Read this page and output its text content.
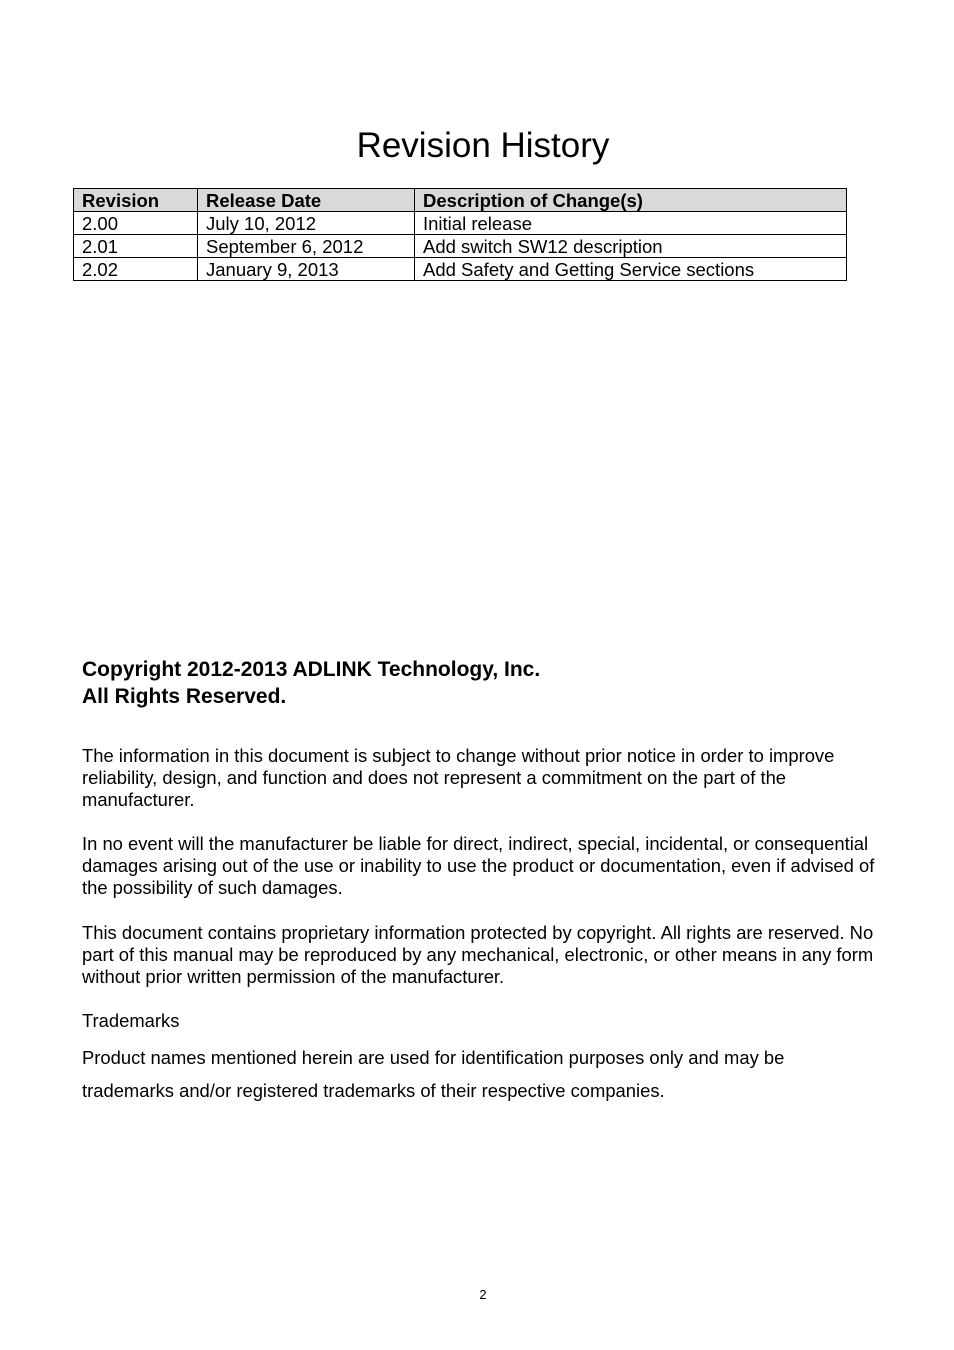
Revision History
Revision	Release Date	Description of Change(s)
2.00	July 10, 2012	Initial release
2.01	September 6, 2012	Add switch SW12 description
2.02	January 9, 2013	Add Safety and Getting Service sections
Copyright 2012-2013 ADLINK Technology, Inc.
All Rights Reserved.

The information in this document is subject to change without prior notice in order to improve reliability, design, and function and does not represent a commitment on the part of the manufacturer.

In no event will the manufacturer be liable for direct, indirect, special, incidental, or consequential damages arising out of the use or inability to use the product or documentation, even if advised of the possibility of such damages.

This document contains proprietary information protected by copyright. All rights are reserved. No part of this manual may be reproduced by any mechanical, electronic, or other means in any form without prior written permission of the manufacturer.

Trademarks

Product names mentioned herein are used for identification purposes only and may be trademarks and/or registered trademarks of their respective companies.

2
